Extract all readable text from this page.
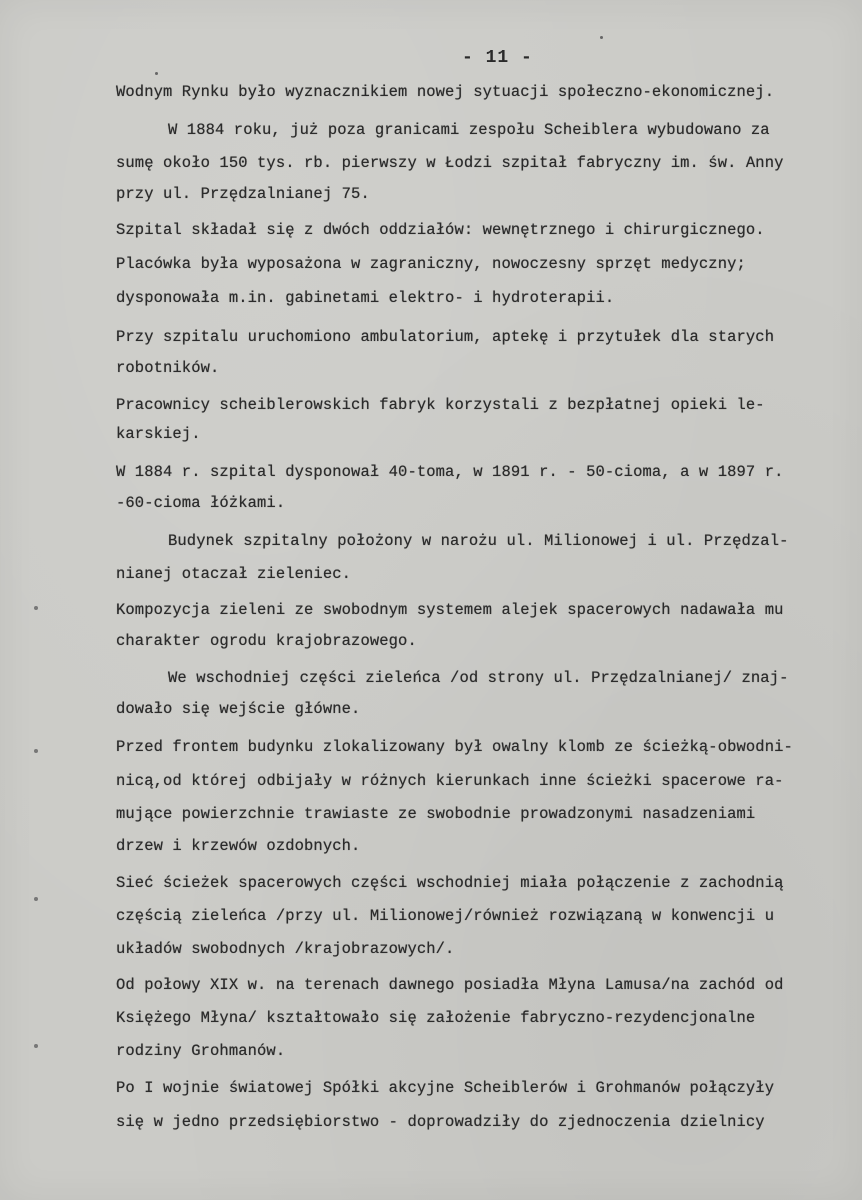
- 11 -
Wodnym Rynku było wyznacznikiem nowej sytuacji społeczno-ekonomicznej.
W 1884 roku, już poza granicami zespołu Scheiblera wybudowano za
sumę około 150 tys. rb. pierwszy w Łodzi szpitał fabryczny im. św. Anny
przy ul. Przędzalnianej 75.
Szpital składał się z dwóch oddziałów: wewnętrznego i chirurgicznego.
Placówka była wyposażona w zagraniczny, nowoczesny sprzęt medyczny;
dysponowała m.in. gabinetami elektro- i hydroterapii.
Przy szpitalu uruchomiono ambulatorium, aptekę i przytułek dla starych
robotników.
Pracownicy scheiblerowskich fabryk korzystali z bezpłatnej opieki le-
karskiej.
W 1884 r. szpital dysponował 40-toma, w 1891 r. - 50-cioma, a w 1897 r.
-60-cioma łóżkami.
Budynek szpitalny położony w narożu ul. Milionowej i ul. Przędzal-
nianej otaczał zieleniec.
Kompozycja zieleni ze swobodnym systemem alejek spacerowych nadawała mu
charakter ogrodu krajobrazowego.
We wschodniej części zieleńca /od strony ul. Przędzalnianej/ znaj-
dowało się wejście główne.
Przed frontem budynku zlokalizowany był owalny klomb ze ścieżką-obwodni-
nicą,od której odbijały w różnych kierunkach inne ścieżki spacerowe ra-
mujące powierzchnie trawiaste ze swobodnie prowadzonymi nasadzeniami
drzew i krzewów ozdobnych.
Sieć ścieżek spacerowych części wschodniej miała połączenie z zachodnią
częścią zieleńca /przy ul. Milionowej/również rozwiązaną w konwencji u
układów swobodnych /krajobrazowych/.
Od połowy XIX w. na terenach dawnego posiadła Młyna Lamusa/na zachód od
Księżego Młyna/ kształtowało się założenie fabryczno-rezydencjonalne
rodziny Grohmanów.
Po I wojnie światowej Spółki akcyjne Scheiblerów i Grohmanów połączyły
się w jedno przedsiębiorstwo - doprowadziły do zjednoczenia dzielnicy
